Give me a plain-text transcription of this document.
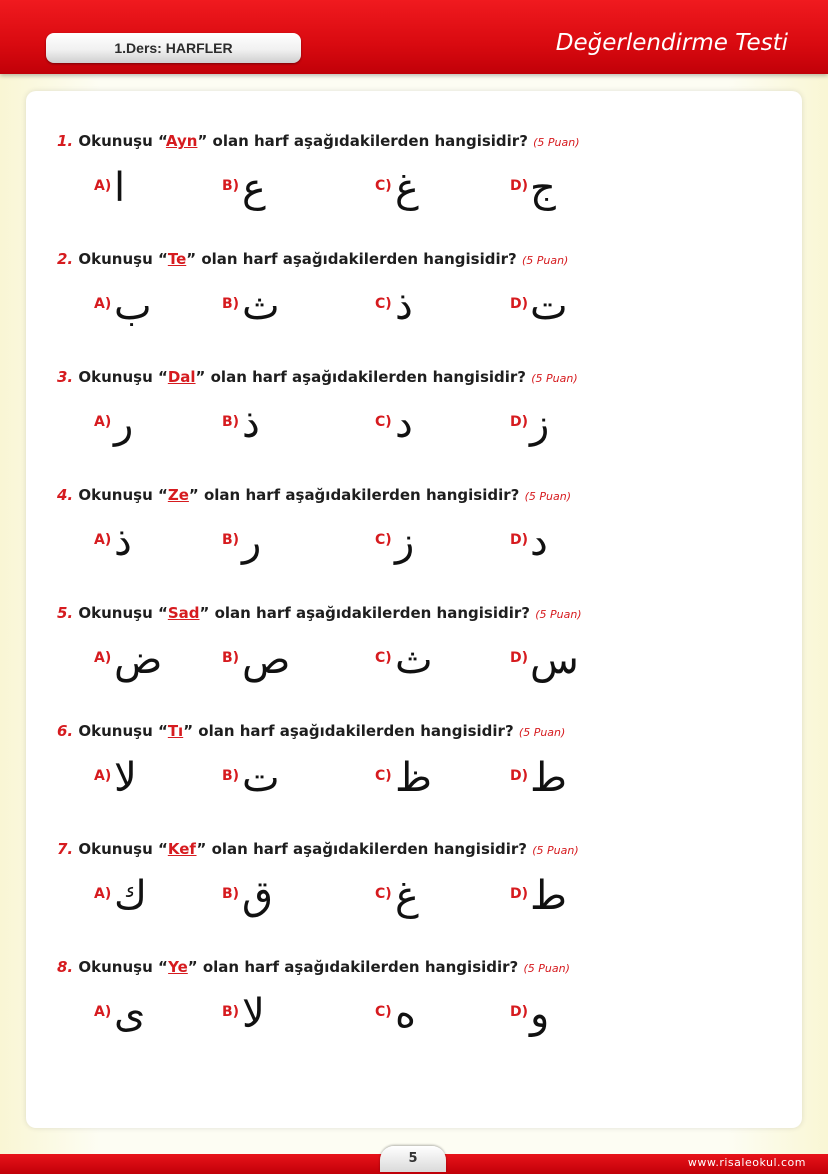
1.Ders: HARFLER	Değerlendirme Testi
1. Okunuşu “Ayn” olan harf aşağıdakilerden hangisidir? (5 Puan)
A) ا	B) ع	C) غ	D) ج
2. Okunuşu “Te” olan harf aşağıdakilerden hangisidir? (5 Puan)
A) ب	B) ث	C) ذ	D) ت
3. Okunuşu “Dal” olan harf aşağıdakilerden hangisidir? (5 Puan)
A) ر	B) ذ	C) د	D) ز
4. Okunuşu “Ze” olan harf aşağıdakilerden hangisidir? (5 Puan)
A) ذ	B) ر	C) ز	D) د
5. Okunuşu “Sad” olan harf aşağıdakilerden hangisidir? (5 Puan)
A) ض	B) ص	C) ث	D) س
6. Okunuşu “Tı” olan harf aşağıdakilerden hangisidir? (5 Puan)
A) لا	B) ت	C) ظ	D) ط
7. Okunuşu “Kef” olan harf aşağıdakilerden hangisidir? (5 Puan)
A) ك	B) ق	C) غ	D) ط
8. Okunuşu “Ye” olan harf aşağıdakilerden hangisidir? (5 Puan)
A) ى	B) لا	C) ه	D) و
5	www.risaleokul.com
